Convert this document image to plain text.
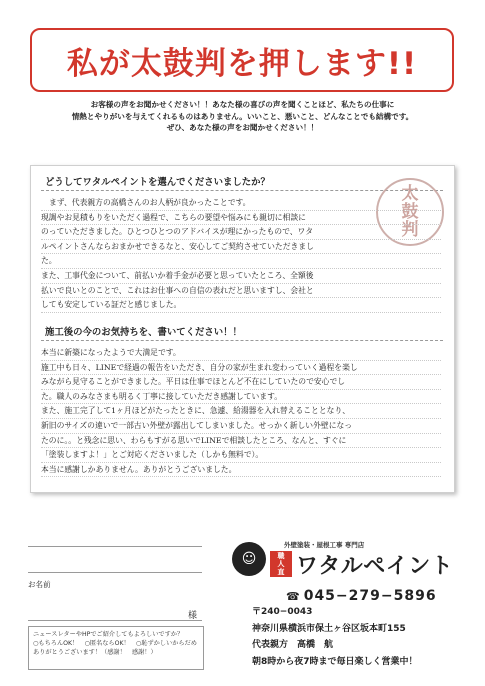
私が太鼓判を押します!!
お客様の声をお聞かせください！！あなた様の喜びの声を聞くことほど、私たちの仕事に
情熱とやりがいを与えてくれるものはありません。いいこと、悪いこと、どんなことでも結構です。
ぜひ、あなた様の声をお聞かせください！！
どうしてワタルペイントを選んでくださいましたか？
太
鼓
判
まず、代表親方の高橋さんのお人柄が良かったことです。
現調やお見積もりをいただく過程で、こちらの要望や悩みにも親切に相談に
のっていただきました。ひとつひとつのアドバイスが理にかったもので、ワタ
ルペイントさんならおまかせできるなと、安心してご契約させていただきまし
た。
また、工事代金について、前払いか着手金が必要と思っていたところ、全額後
払いで良いとのことで、これはお仕事への自信の表れだと思いますし、会社と
しても安定している証だと感じました。
施工後の今のお気持ちを、書いてください！！
本当に新築になったようで大満足です。
施工中も日々、LINEで経過の報告をいただき、自分の家が生まれ変わっていく過程を楽し
みながら見守ることができました。平日は仕事でほとんど不在にしていたので安心でし
た。職人のみなさまも明るく丁寧に接していただき感謝しています。
また、施工完了して1ヶ月ほどがたったときに、急遽、給湯器を入れ替えることとなり、
新旧のサイズの違いで一部古い外壁が露出してしまいました。せっかく新しい外壁になっ
たのに。。と残念に思い、わらもすがる思いでLINEで相談したところ、なんと、すぐに
「塗装しますよ！」とご対応くださいました（しかも無料で）。
本当に感謝しかありません。ありがとうございました。
お名前
様
ニュースレターやHPでご紹介してもよろしいですか？
○もちろんOK！　○匿名ならOK！　○恥ずかしいからだめ
ありがとうございます！（感謝！　感謝！）
☺
外壁塗装・屋根工事 専門店
職
人
直 ワタルペイント
☎ 045−279−5896
〒240−0043
神奈川県横浜市保土ヶ谷区坂本町155
代表親方　高橋　航
朝8時から夜7時まで毎日楽しく営業中！
